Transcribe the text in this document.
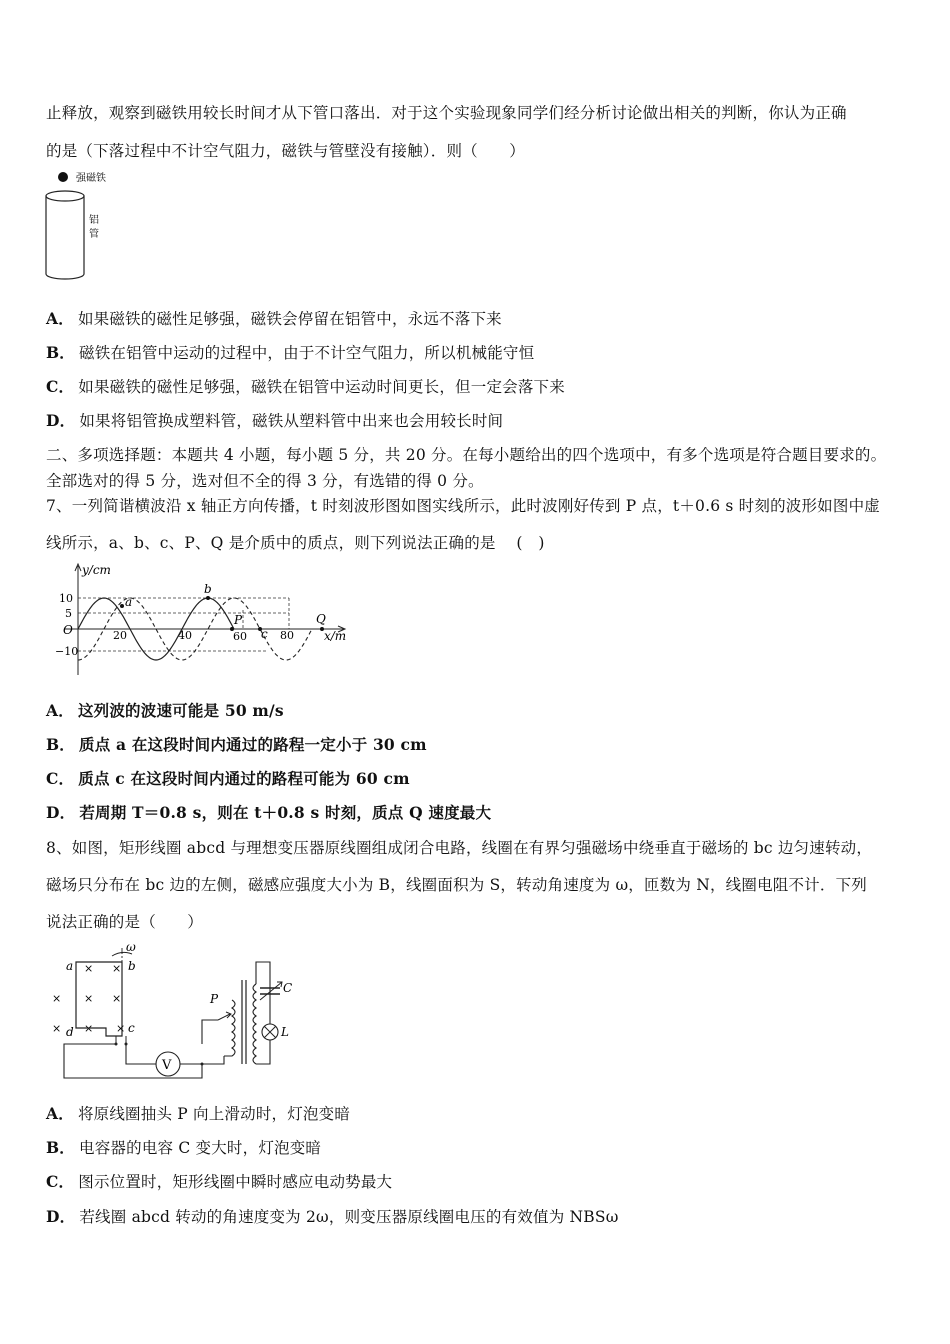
止释放，观察到磁铁用较长时间才从下管口落出．对于这个实验现象同学们经分析讨论做出相关的判断，你认为正确
的是（下落过程中不计空气阻力，磁铁与管壁没有接触）．则（　　）
强磁铁
铝
管
A． 如果磁铁的磁性足够强，磁铁会停留在铝管中，永远不落下来
B． 磁铁在铝管中运动的过程中，由于不计空气阻力，所以机械能守恒
C． 如果磁铁的磁性足够强，磁铁在铝管中运动时间更长，但一定会落下来
D． 如果将铝管换成塑料管，磁铁从塑料管中出来也会用较长时间
二、多项选择题：本题共 4 小题，每小题 5 分，共 20 分。在每小题给出的四个选项中，有多个选项是符合题目要求的。
全部选对的得 5 分，选对但不全的得 3 分，有选错的得 0 分。
7、一列简谐横波沿 x 轴正方向传播，t 时刻波形图如图实线所示，此时波刚好传到 P 点，t＋0.6 s 时刻的波形如图中虚
线所示，a、b、c、P、Q 是介质中的质点，则下列说法正确的是　 (　)
y/cm
x/m
O
10
5
−10
20	40	60	80
a
b
P
c
Q
A． 这列波的波速可能是 50 m/s
B． 质点 a 在这段时间内通过的路程一定小于 30 cm
C． 质点 c 在这段时间内通过的路程可能为 60 cm
D． 若周期 T＝0.8 s，则在 t＋0.8 s 时刻，质点 Q 速度最大
8、如图，矩形线圈 abcd 与理想变压器原线圈组成闭合电路，线圈在有界匀强磁场中绕垂直于磁场的 bc 边匀速转动，
磁场只分布在 bc 边的左侧，磁感应强度大小为 B，线圈面积为 S，转动角速度为 ω，匝数为 N，线圈电阻不计．下列
说法正确的是（　　）
× ×
× × ×
× × ×
ω
a	b
c
d
V
P
C
L
A． 将原线圈抽头 P 向上滑动时，灯泡变暗
B． 电容器的电容 C 变大时，灯泡变暗
C． 图示位置时，矩形线圈中瞬时感应电动势最大
D． 若线圈 abcd 转动的角速度变为 2ω，则变压器原线圈电压的有效值为 NBSω
